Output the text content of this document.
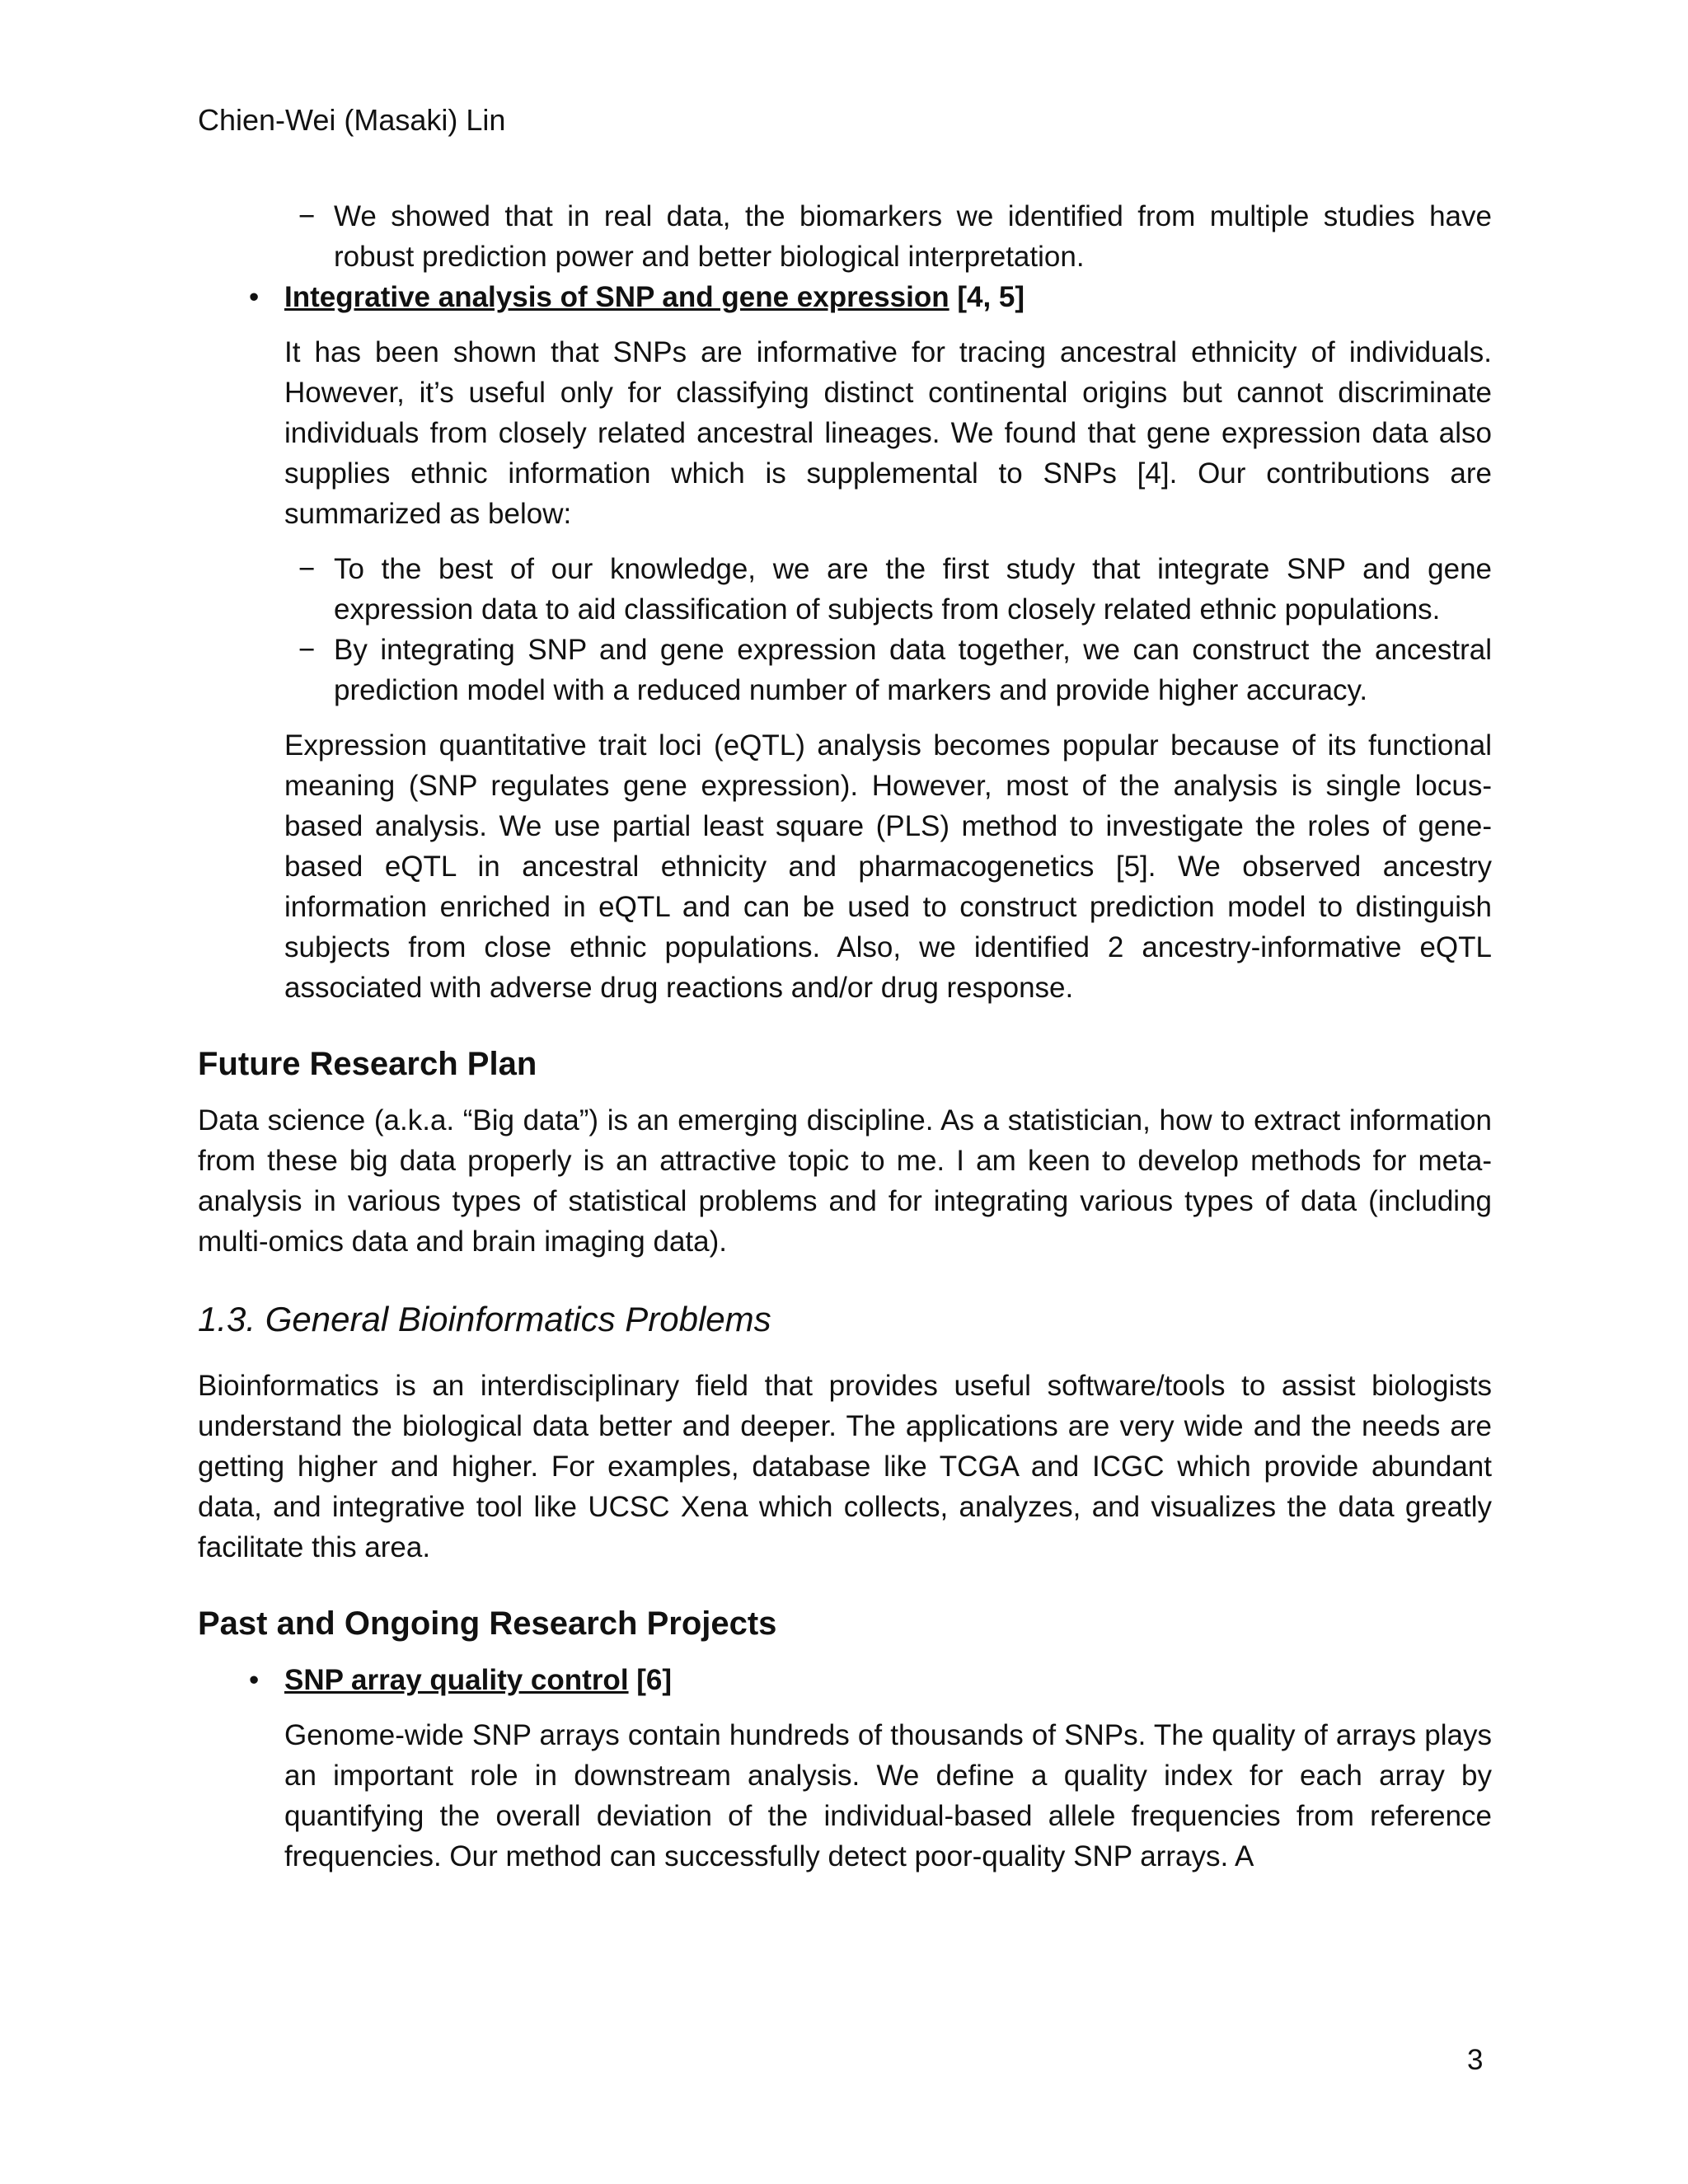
Chien-Wei (Masaki) Lin
− We showed that in real data, the biomarkers we identified from multiple studies have robust prediction power and better biological interpretation.
• Integrative analysis of SNP and gene expression [4, 5]
It has been shown that SNPs are informative for tracing ancestral ethnicity of individuals. However, it’s useful only for classifying distinct continental origins but cannot discriminate individuals from closely related ancestral lineages. We found that gene expression data also supplies ethnic information which is supplemental to SNPs [4]. Our contributions are summarized as below:
− To the best of our knowledge, we are the first study that integrate SNP and gene expression data to aid classification of subjects from closely related ethnic populations.
− By integrating SNP and gene expression data together, we can construct the ancestral prediction model with a reduced number of markers and provide higher accuracy.
Expression quantitative trait loci (eQTL) analysis becomes popular because of its functional meaning (SNP regulates gene expression). However, most of the analysis is single locus-based analysis. We use partial least square (PLS) method to investigate the roles of gene-based eQTL in ancestral ethnicity and pharmacogenetics [5]. We observed ancestry information enriched in eQTL and can be used to construct prediction model to distinguish subjects from close ethnic populations. Also, we identified 2 ancestry-informative eQTL associated with adverse drug reactions and/or drug response.
Future Research Plan
Data science (a.k.a. “Big data”) is an emerging discipline. As a statistician, how to extract information from these big data properly is an attractive topic to me. I am keen to develop methods for meta-analysis in various types of statistical problems and for integrating various types of data (including multi-omics data and brain imaging data).
1.3. General Bioinformatics Problems
Bioinformatics is an interdisciplinary field that provides useful software/tools to assist biologists understand the biological data better and deeper. The applications are very wide and the needs are getting higher and higher. For examples, database like TCGA and ICGC which provide abundant data, and integrative tool like UCSC Xena which collects, analyzes, and visualizes the data greatly facilitate this area.
Past and Ongoing Research Projects
• SNP array quality control [6]
Genome-wide SNP arrays contain hundreds of thousands of SNPs. The quality of arrays plays an important role in downstream analysis. We define a quality index for each array by quantifying the overall deviation of the individual-based allele frequencies from reference frequencies. Our method can successfully detect poor-quality SNP arrays. A
3
